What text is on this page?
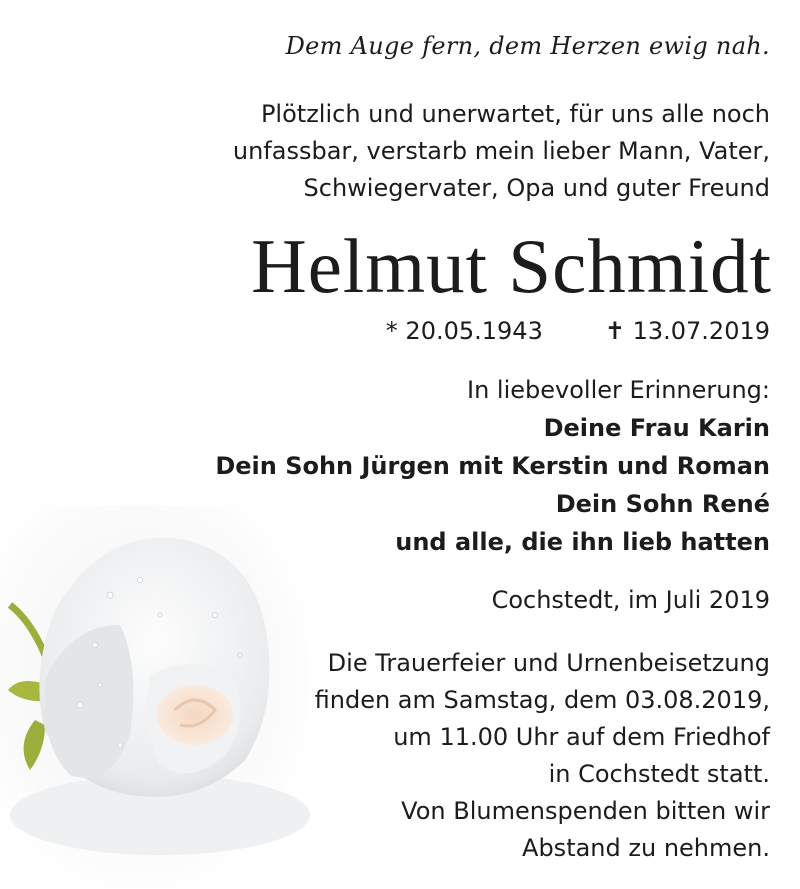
Dem Auge fern, dem Herzen ewig nah.
Plötzlich und unerwartet, für uns alle noch
unfassbar, verstarb mein lieber Mann, Vater,
Schwiegervater, Opa und guter Freund
Helmut Schmidt
* 20.05.1943	✝ 13.07.2019
In liebevoller Erinnerung:
Deine Frau Karin
Dein Sohn Jürgen mit Kerstin und Roman
Dein Sohn René
und alle, die ihn lieb hatten
Cochstedt, im Juli 2019
Die Trauerfeier und Urnenbeisetzung
finden am Samstag, dem 03.08.2019,
um 11.00 Uhr auf dem Friedhof
in Cochstedt statt.
Von Blumenspenden bitten wir
Abstand zu nehmen.
